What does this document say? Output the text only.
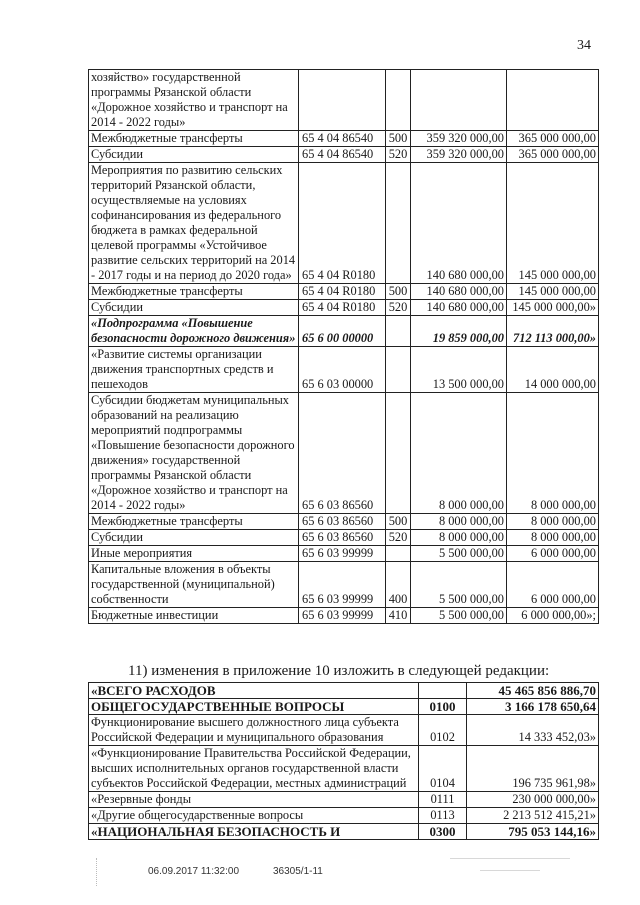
34
хозяйство» государственной программы Рязанской области «Дорожное хозяйство и транспорт на 2014 - 2022 годы»				
Межбюджетные трансферты	65 4 04 86540	500	359 320 000,00	365 000 000,00
Субсидии	65 4 04 86540	520	359 320 000,00	365 000 000,00
Мероприятия по развитию сельских территорий Рязанской области, осуществляемые на условиях софинансирования из федерального бюджета в рамках федеральной целевой программы «Устойчивое развитие сельских территорий на 2014 - 2017 годы и на период до 2020 года»	65 4 04 R0180		140 680 000,00	145 000 000,00
Межбюджетные трансферты	65 4 04 R0180	500	140 680 000,00	145 000 000,00
Субсидии	65 4 04 R0180	520	140 680 000,00	145 000 000,00»
«Подпрограмма «Повышение безопасности дорожного движения»	65 6 00 00000		19 859 000,00	712 113 000,00»
«Развитие системы организации движения транспортных средств и пешеходов	65 6 03 00000		13 500 000,00	14 000 000,00
Субсидии бюджетам муниципальных образований на реализацию мероприятий подпрограммы «Повышение безопасности дорожного движения» государственной программы Рязанской области «Дорожное хозяйство и транспорт на 2014 - 2022 годы»	65 6 03 86560		8 000 000,00	8 000 000,00
Межбюджетные трансферты	65 6 03 86560	500	8 000 000,00	8 000 000,00
Субсидии	65 6 03 86560	520	8 000 000,00	8 000 000,00
Иные мероприятия	65 6 03 99999		5 500 000,00	6 000 000,00
Капитальные вложения в объекты государственной (муниципальной) собственности	65 6 03 99999	400	5 500 000,00	6 000 000,00
Бюджетные инвестиции	65 6 03 99999	410	5 500 000,00	6 000 000,00»;
11) изменения в приложение 10 изложить в следующей редакции:
«ВСЕГО РАСХОДОВ		45 465 856 886,70
ОБЩЕГОСУДАРСТВЕННЫЕ ВОПРОСЫ	0100	3 166 178 650,64
Функционирование высшего должностного лица субъекта Российской Федерации и муниципального образования	0102	14 333 452,03»
«Функционирование Правительства Российской Федерации, высших исполнительных органов государственной власти субъектов Российской Федерации, местных администраций	0104	196 735 961,98»
«Резервные фонды	0111	230 000 000,00»
«Другие общегосударственные вопросы	0113	2 213 512 415,21»
«НАЦИОНАЛЬНАЯ БЕЗОПАСНОСТЬ И	0300	795 053 144,16»
06.09.2017 11:32:00	36305/1-11
